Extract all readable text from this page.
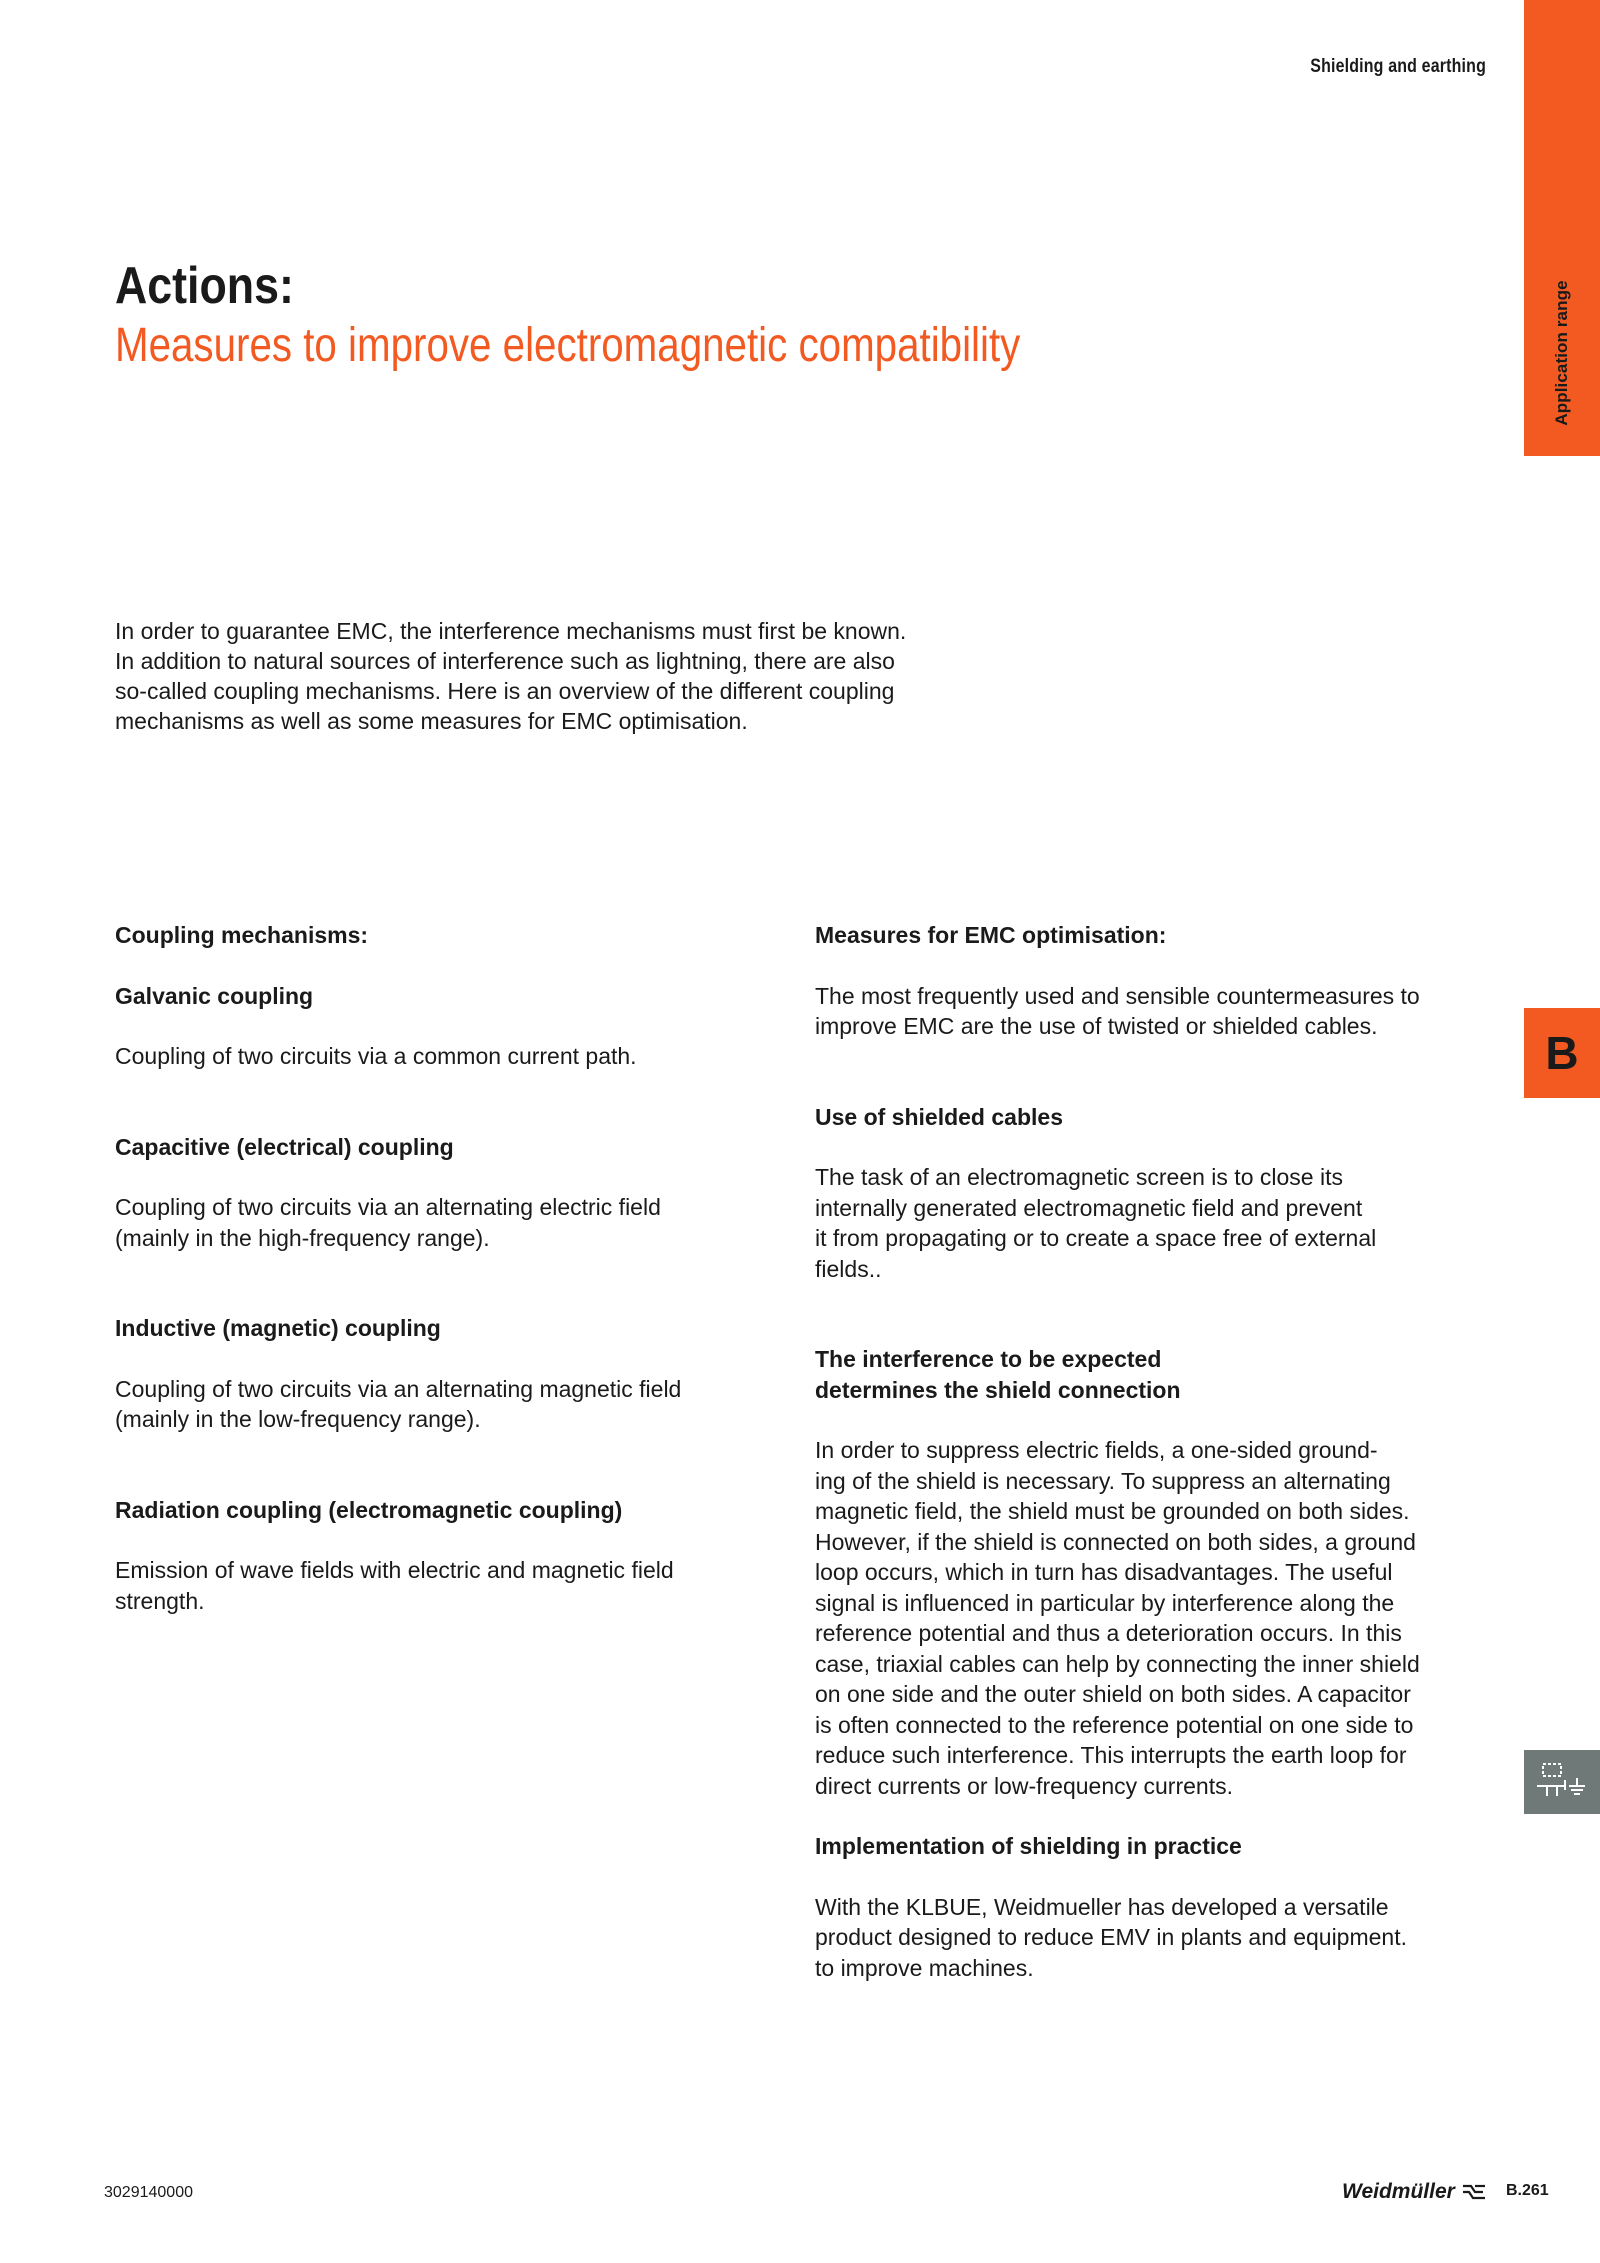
Shielding and earthing
Application range
B
Actions:
Measures to improve electromagnetic compatibility

In order to guarantee EMC, the interference mechanisms must first be known.

In addition to natural sources of interference such as lightning, there are also

so-called coupling mechanisms. Here is an overview of the different coupling

mechanisms as well as some measures for EMC optimisation.

Coupling mechanisms:
Galvanic coupling

Coupling of two circuits via a common current path.

Capacitive (electrical) coupling

Coupling of two circuits via an alternating electric field

(mainly in the high-frequency range).

Inductive (magnetic) coupling

Coupling of two circuits via an alternating magnetic field

(mainly in the low-frequency range).

Radiation coupling (electromagnetic coupling)

Emission of wave fields with electric and magnetic field

strength.

Measures for EMC optimisation:

The most frequently used and sensible countermeasures to

improve EMC are the use of twisted or shielded cables.

Use of shielded cables

The task of an electromagnetic screen is to close its

internally generated electromagnetic field and prevent

it from propagating or to create a space free of external

fields..

The interference to be expected
determines the shield connection

In order to suppress electric fields, a one-sided ground-

ing of the shield is necessary. To suppress an alternating

magnetic field, the shield must be grounded on both sides.

However, if the shield is connected on both sides, a ground

loop occurs, which in turn has disadvantages. The useful

signal is influenced in particular by interference along the

reference potential and thus a deterioration occurs. In this

case, triaxial cables can help by connecting the inner shield

on one side and the outer shield on both sides. A capacitor

is often connected to the reference potential on one side to

reduce such interference. This interrupts the earth loop for

direct currents or low-frequency currents.

Implementation of shielding in practice

With the KLBUE, Weidmueller has developed a versatile

product designed to reduce EMV in plants and equipment.

to improve machines.

3029140000	Weidmüller	B.261
